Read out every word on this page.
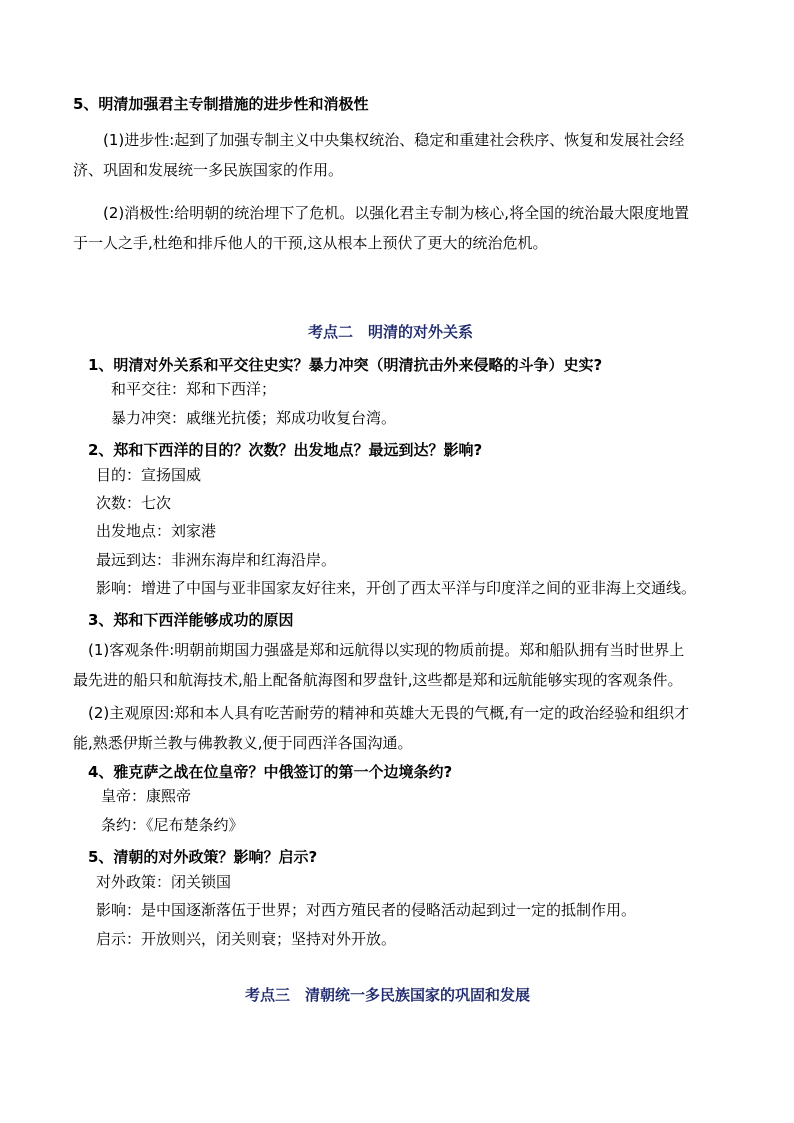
5、明清加强君主专制措施的进步性和消极性
(1)进步性:起到了加强专制主义中央集权统治、稳定和重建社会秩序、恢复和发展社会经
济、巩固和发展统一多民族国家的作用。
(2)消极性:给明朝的统治埋下了危机。以强化君主专制为核心,将全国的统治最大限度地置
于一人之手,杜绝和排斥他人的干预,这从根本上预伏了更大的统治危机。
考点二　明清的对外关系
1、明清对外关系和平交往史实？暴力冲突（明清抗击外来侵略的斗争）史实?
和平交往：郑和下西洋；
暴力冲突：戚继光抗倭；郑成功收复台湾。
2、郑和下西洋的目的？次数？出发地点？最远到达？影响?
目的：宣扬国威
次数：七次
出发地点：刘家港
最远到达：非洲东海岸和红海沿岸。
影响：增进了中国与亚非国家友好往来，开创了西太平洋与印度洋之间的亚非海上交通线。
3、郑和下西洋能够成功的原因
(1)客观条件:明朝前期国力强盛是郑和远航得以实现的物质前提。郑和船队拥有当时世界上
最先进的船只和航海技术,船上配备航海图和罗盘针,这些都是郑和远航能够实现的客观条件。
(2)主观原因:郑和本人具有吃苦耐劳的精神和英雄大无畏的气概,有一定的政治经验和组织才
能,熟悉伊斯兰教与佛教教义,便于同西洋各国沟通。
4、雅克萨之战在位皇帝？中俄签订的第一个边境条约?
皇帝：康熙帝
条约：《尼布楚条约》
5、清朝的对外政策？影响？启示?
对外政策：闭关锁国
影响：是中国逐渐落伍于世界；对西方殖民者的侵略活动起到过一定的抵制作用。
启示：开放则兴，闭关则衰；坚持对外开放。
考点三　清朝统一多民族国家的巩固和发展
